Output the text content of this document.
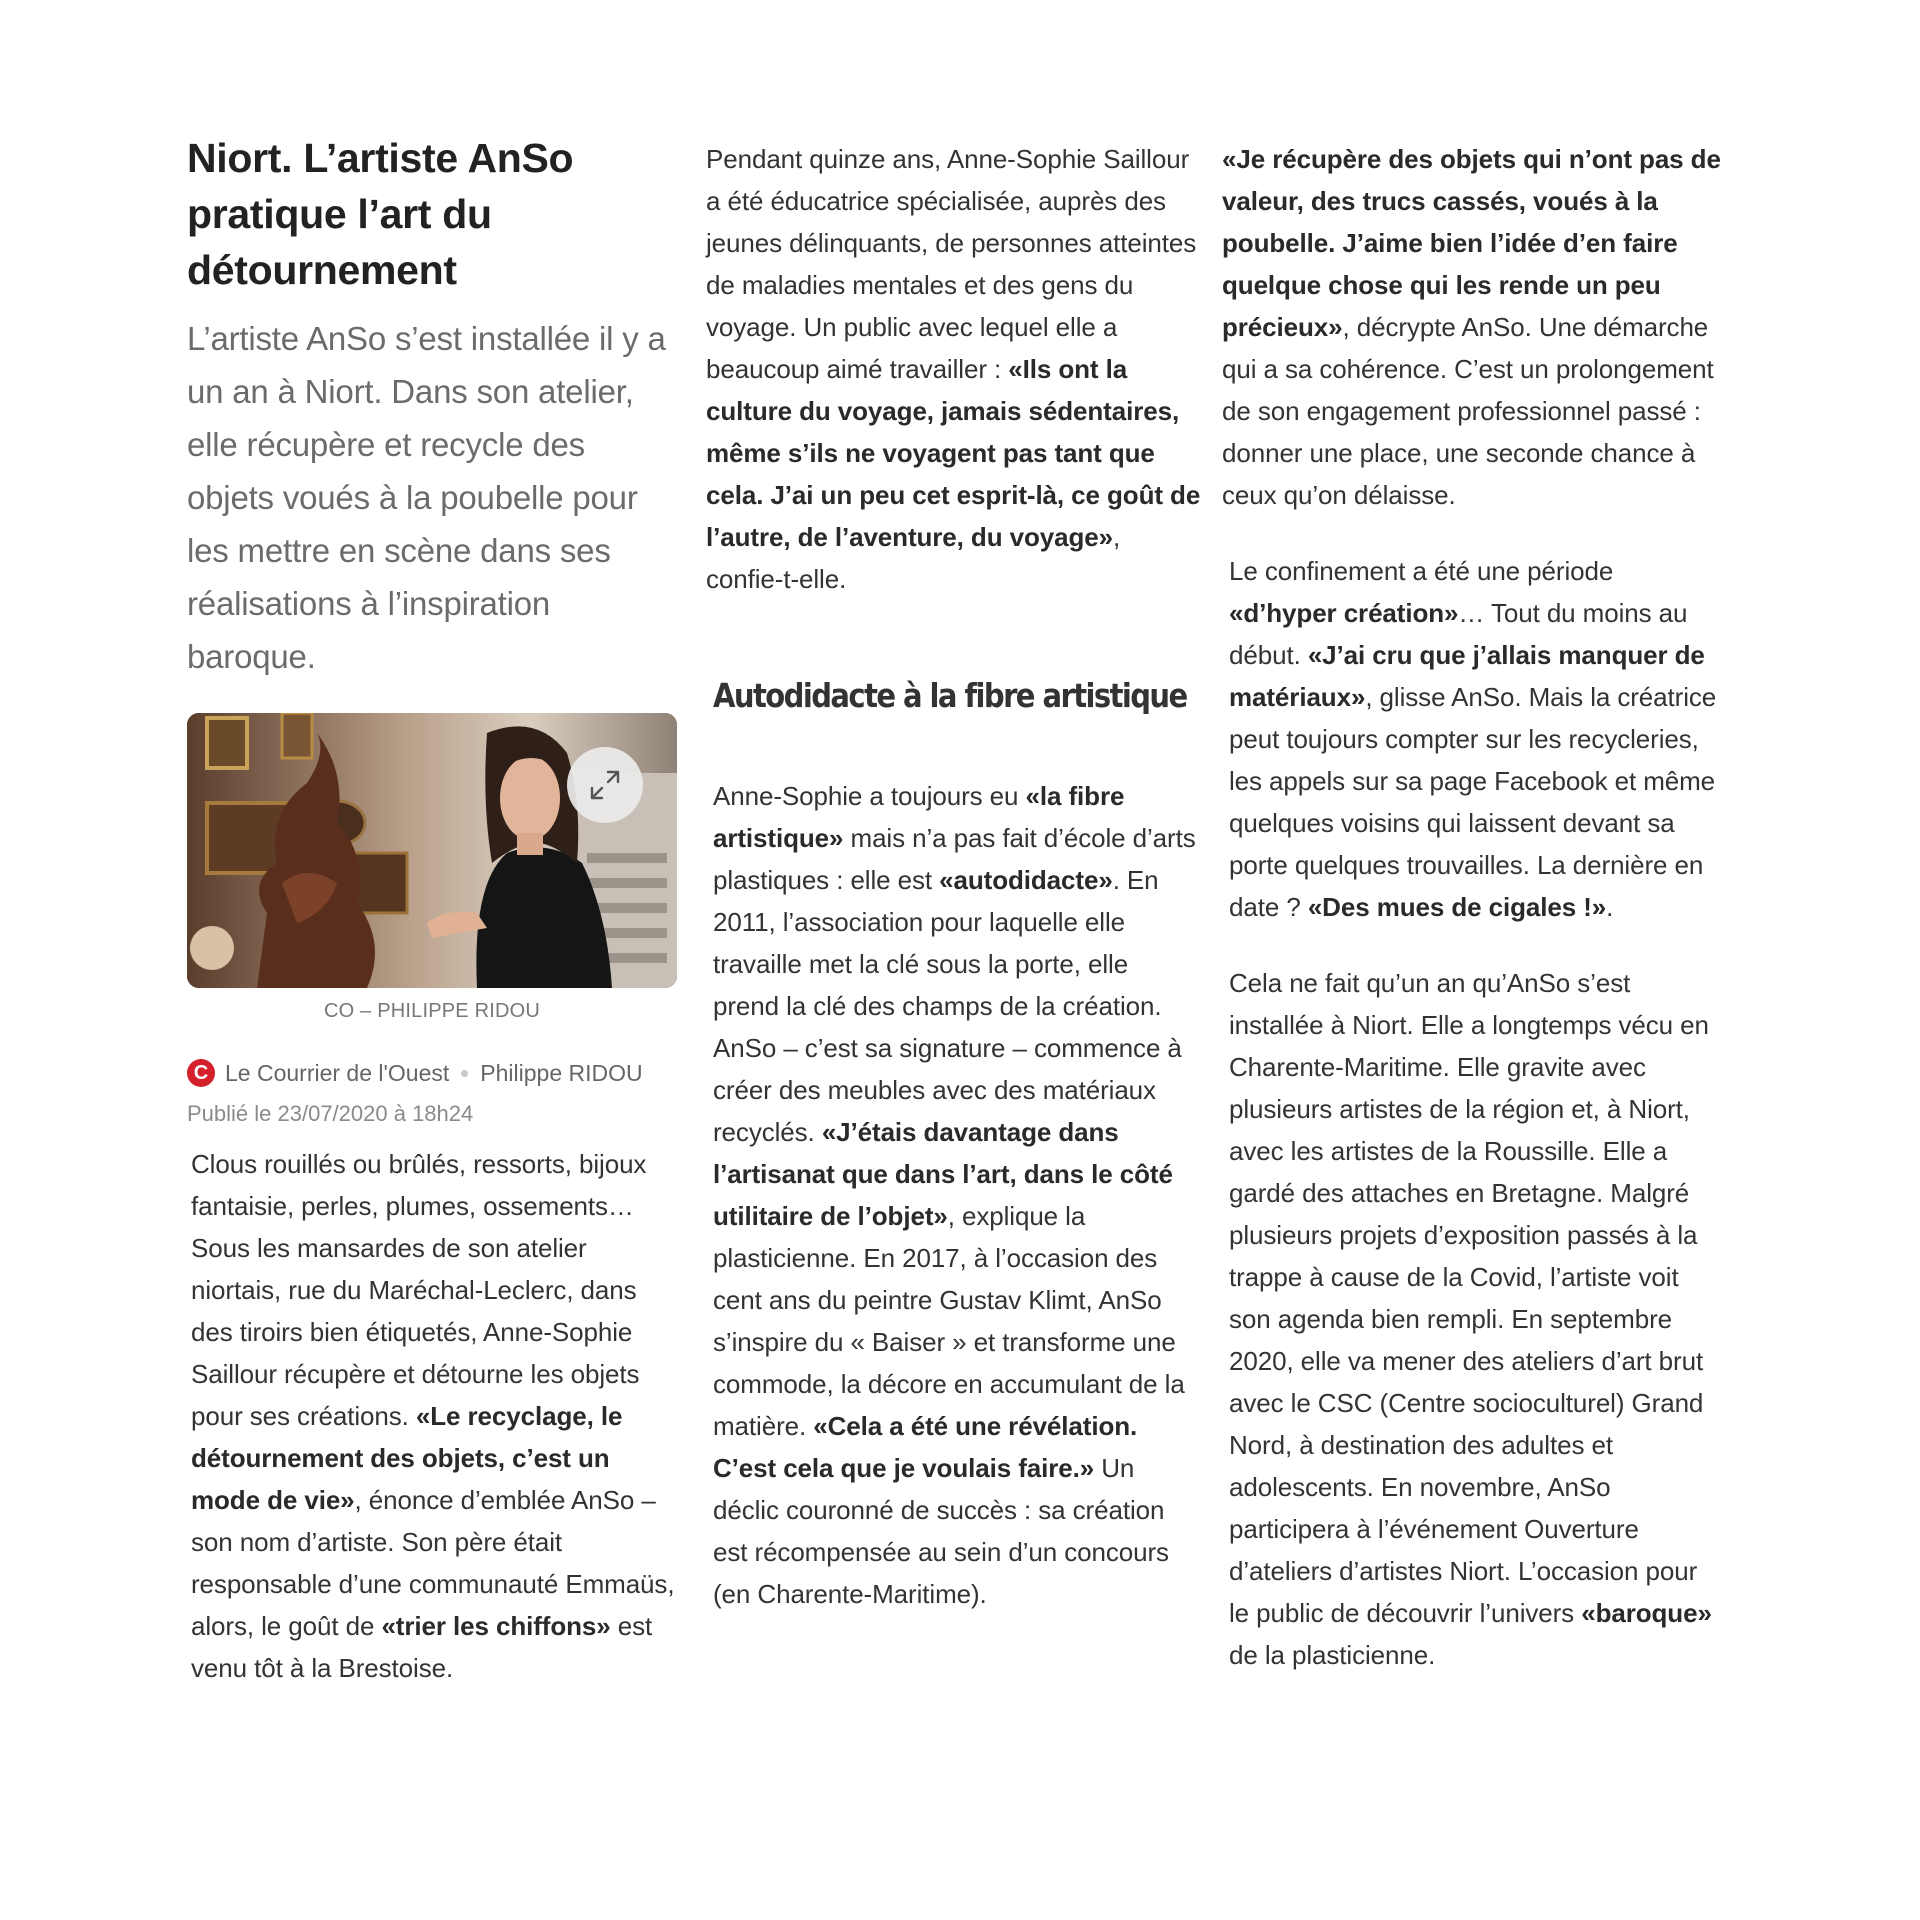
Niort. L’artiste AnSo pratique l’art du détournement

L’artiste AnSo s’est installée il y a un an à Niort. Dans son atelier, elle récupère et recycle des objets voués à la poubelle pour les mettre en scène dans ses réalisations à l’inspiration baroque.

CO – PHILIPPE RIDOU
C Le Courrier de l'Ouest Philippe RIDOU
Publié le 23/07/2020 à 18h24

Clous rouillés ou brûlés, ressorts, bijoux fantaisie, perles, plumes, ossements… Sous les mansardes de son atelier niortais, rue du Maréchal-Leclerc, dans des tiroirs bien étiquetés, Anne-Sophie Saillour récupère et détourne les objets pour ses créations. «Le recyclage, le détournement des objets, c’est un mode de vie», énonce d’emblée AnSo – son nom d’artiste. Son père était responsable d’une communauté Emmaüs, alors, le goût de «trier les chiffons» est venu tôt à la Brestoise.

Pendant quinze ans, Anne-Sophie Saillour a été éducatrice spécialisée, auprès des jeunes délinquants, de personnes atteintes de maladies mentales et des gens du voyage. Un public avec lequel elle a beaucoup aimé travailler : «Ils ont la culture du voyage, jamais sédentaires, même s’ils ne voyagent pas tant que cela. J’ai un peu cet esprit-là, ce goût de l’autre, de l’aventure, du voyage», confie-t-elle.

Autodidacte à la fibre artistique

Anne-Sophie a toujours eu «la fibre artistique» mais n’a pas fait d’école d’arts plastiques : elle est «autodidacte». En 2011, l’association pour laquelle elle travaille met la clé sous la porte, elle prend la clé des champs de la création. AnSo – c’est sa signature – commence à créer des meubles avec des matériaux recyclés. «J’étais davantage dans l’artisanat que dans l’art, dans le côté utilitaire de l’objet», explique la plasticienne. En 2017, à l’occasion des cent ans du peintre Gustav Klimt, AnSo s’inspire du « Baiser » et transforme une commode, la décore en accumulant de la matière. «Cela a été une révélation. C’est cela que je voulais faire.» Un déclic couronné de succès : sa création est récompensée au sein d’un concours (en Charente-Maritime).

«Je récupère des objets qui n’ont pas de valeur, des trucs cassés, voués à la poubelle. J’aime bien l’idée d’en faire quelque chose qui les rende un peu précieux», décrypte AnSo. Une démarche qui a sa cohérence. C’est un prolongement de son engagement professionnel passé : donner une place, une seconde chance à ceux qu’on délaisse.

Le confinement a été une période «d’hyper création»… Tout du moins au début. «J’ai cru que j’allais manquer de matériaux», glisse AnSo. Mais la créatrice peut toujours compter sur les recycleries, les appels sur sa page Facebook et même quelques voisins qui laissent devant sa porte quelques trouvailles. La dernière en date ? «Des mues de cigales !».

Cela ne fait qu’un an qu’AnSo s’est installée à Niort. Elle a longtemps vécu en Charente-Maritime. Elle gravite avec plusieurs artistes de la région et, à Niort, avec les artistes de la Roussille. Elle a gardé des attaches en Bretagne. Malgré plusieurs projets d’exposition passés à la trappe à cause de la Covid, l’artiste voit son agenda bien rempli. En septembre 2020, elle va mener des ateliers d’art brut avec le CSC (Centre socioculturel) Grand Nord, à destination des adultes et adolescents. En novembre, AnSo participera à l’événement Ouverture d’ateliers d’artistes Niort. L’occasion pour le public de découvrir l’univers «baroque» de la plasticienne.
